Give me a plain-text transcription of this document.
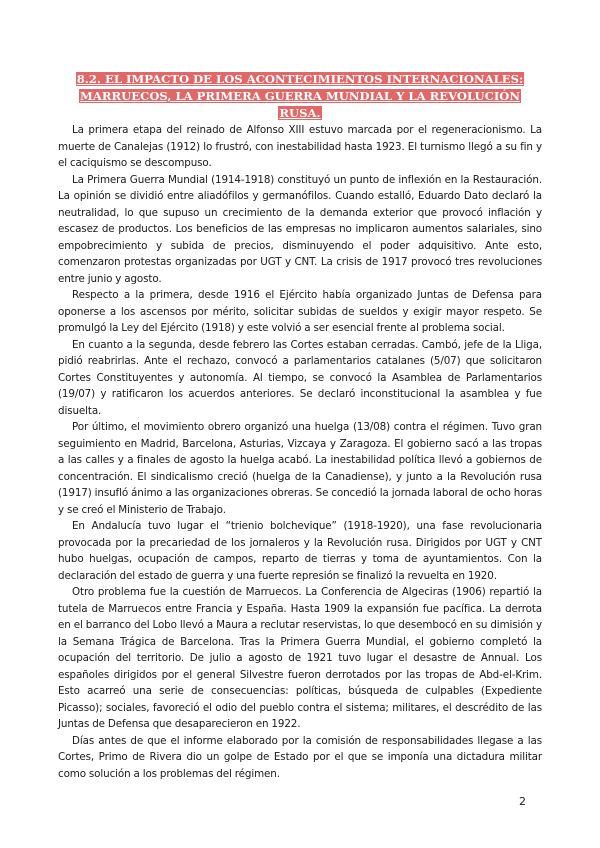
8.2. EL IMPACTO DE LOS ACONTECIMIENTOS INTERNACIONALES: MARRUECOS, LA PRIMERA GUERRA MUNDIAL Y LA REVOLUCIÓN RUSA.

La primera etapa del reinado de Alfonso XIII estuvo marcada por el regeneracionismo. La muerte de Canalejas (1912) lo frustró, con inestabilidad hasta 1923. El turnismo llegó a su fin y el caciquismo se descompuso.

La Primera Guerra Mundial (1914-1918) constituyó un punto de inflexión en la Restauración. La opinión se dividió entre aliadófilos y germanófilos. Cuando estalló, Eduardo Dato declaró la neutralidad, lo que supuso un crecimiento de la demanda exterior que provocó inflación y escasez de productos. Los beneficios de las empresas no implicaron aumentos salariales, sino empobrecimiento y subida de precios, disminuyendo el poder adquisitivo. Ante esto, comenzaron protestas organizadas por UGT y CNT. La crisis de 1917 provocó tres revoluciones entre junio y agosto.

Respecto a la primera, desde 1916 el Ejército había organizado Juntas de Defensa para oponerse a los ascensos por mérito, solicitar subidas de sueldos y exigir mayor respeto. Se promulgó la Ley del Ejército (1918) y este volvió a ser esencial frente al problema social.

En cuanto a la segunda, desde febrero las Cortes estaban cerradas. Cambó, jefe de la Lliga, pidió reabrirlas. Ante el rechazo, convocó a parlamentarios catalanes (5/07) que solicitaron Cortes Constituyentes y autonomía. Al tiempo, se convocó la Asamblea de Parlamentarios (19/07) y ratificaron los acuerdos anteriores. Se declaró inconstitucional la asamblea y fue disuelta.

Por último, el movimiento obrero organizó una huelga (13/08) contra el régimen. Tuvo gran seguimiento en Madrid, Barcelona, Asturias, Vizcaya y Zaragoza. El gobierno sacó a las tropas a las calles y a finales de agosto la huelga acabó. La inestabilidad política llevó a gobiernos de concentración. El sindicalismo creció (huelga de la Canadiense), y junto a la Revolución rusa (1917) insufló ánimo a las organizaciones obreras. Se concedió la jornada laboral de ocho horas y se creó el Ministerio de Trabajo.

En Andalucía tuvo lugar el “trienio bolchevique” (1918-1920), una fase revolucionaria provocada por la precariedad de los jornaleros y la Revolución rusa. Dirigidos por UGT y CNT hubo huelgas, ocupación de campos, reparto de tierras y toma de ayuntamientos. Con la declaración del estado de guerra y una fuerte represión se finalizó la revuelta en 1920.

Otro problema fue la cuestión de Marruecos. La Conferencia de Algeciras (1906) repartió la tutela de Marruecos entre Francia y España. Hasta 1909 la expansión fue pacífica. La derrota en el barranco del Lobo llevó a Maura a reclutar reservistas, lo que desembocó en su dimisión y la Semana Trágica de Barcelona. Tras la Primera Guerra Mundial, el gobierno completó la ocupación del territorio. De julio a agosto de 1921 tuvo lugar el desastre de Annual. Los españoles dirigidos por el general Silvestre fueron derrotados por las tropas de Abd-el-Krim. Esto acarreó una serie de consecuencias: políticas, búsqueda de culpables (Expediente Picasso); sociales, favoreció el odio del pueblo contra el sistema; militares, el descrédito de las Juntas de Defensa que desaparecieron en 1922.

Días antes de que el informe elaborado por la comisión de responsabilidades llegase a las Cortes, Primo de Rivera dio un golpe de Estado por el que se imponía una dictadura militar como solución a los problemas del régimen.

2
